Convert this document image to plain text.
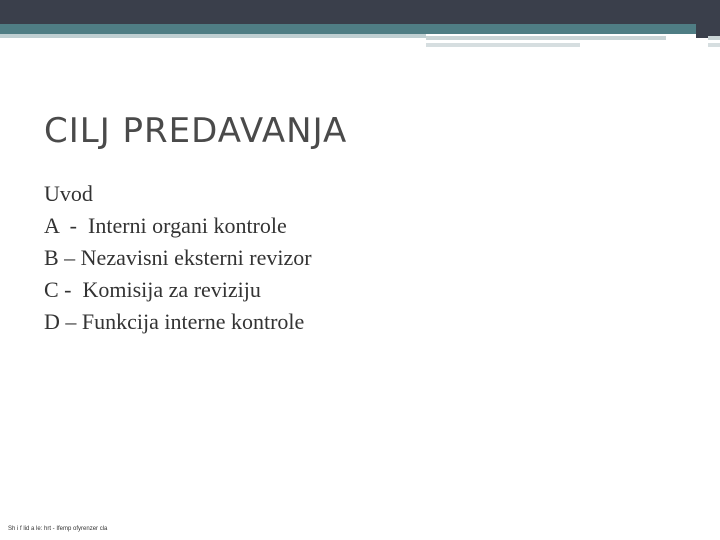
CILJ PREDAVANJA
Uvod
A  -  Interni organi kontrole
B – Nezavisni eksterni revizor
C -  Komisija za reviziju
D – Funkcija interne kontrole
Sh i f lid a le: hrt - Ifemp ofyrenzer cla
